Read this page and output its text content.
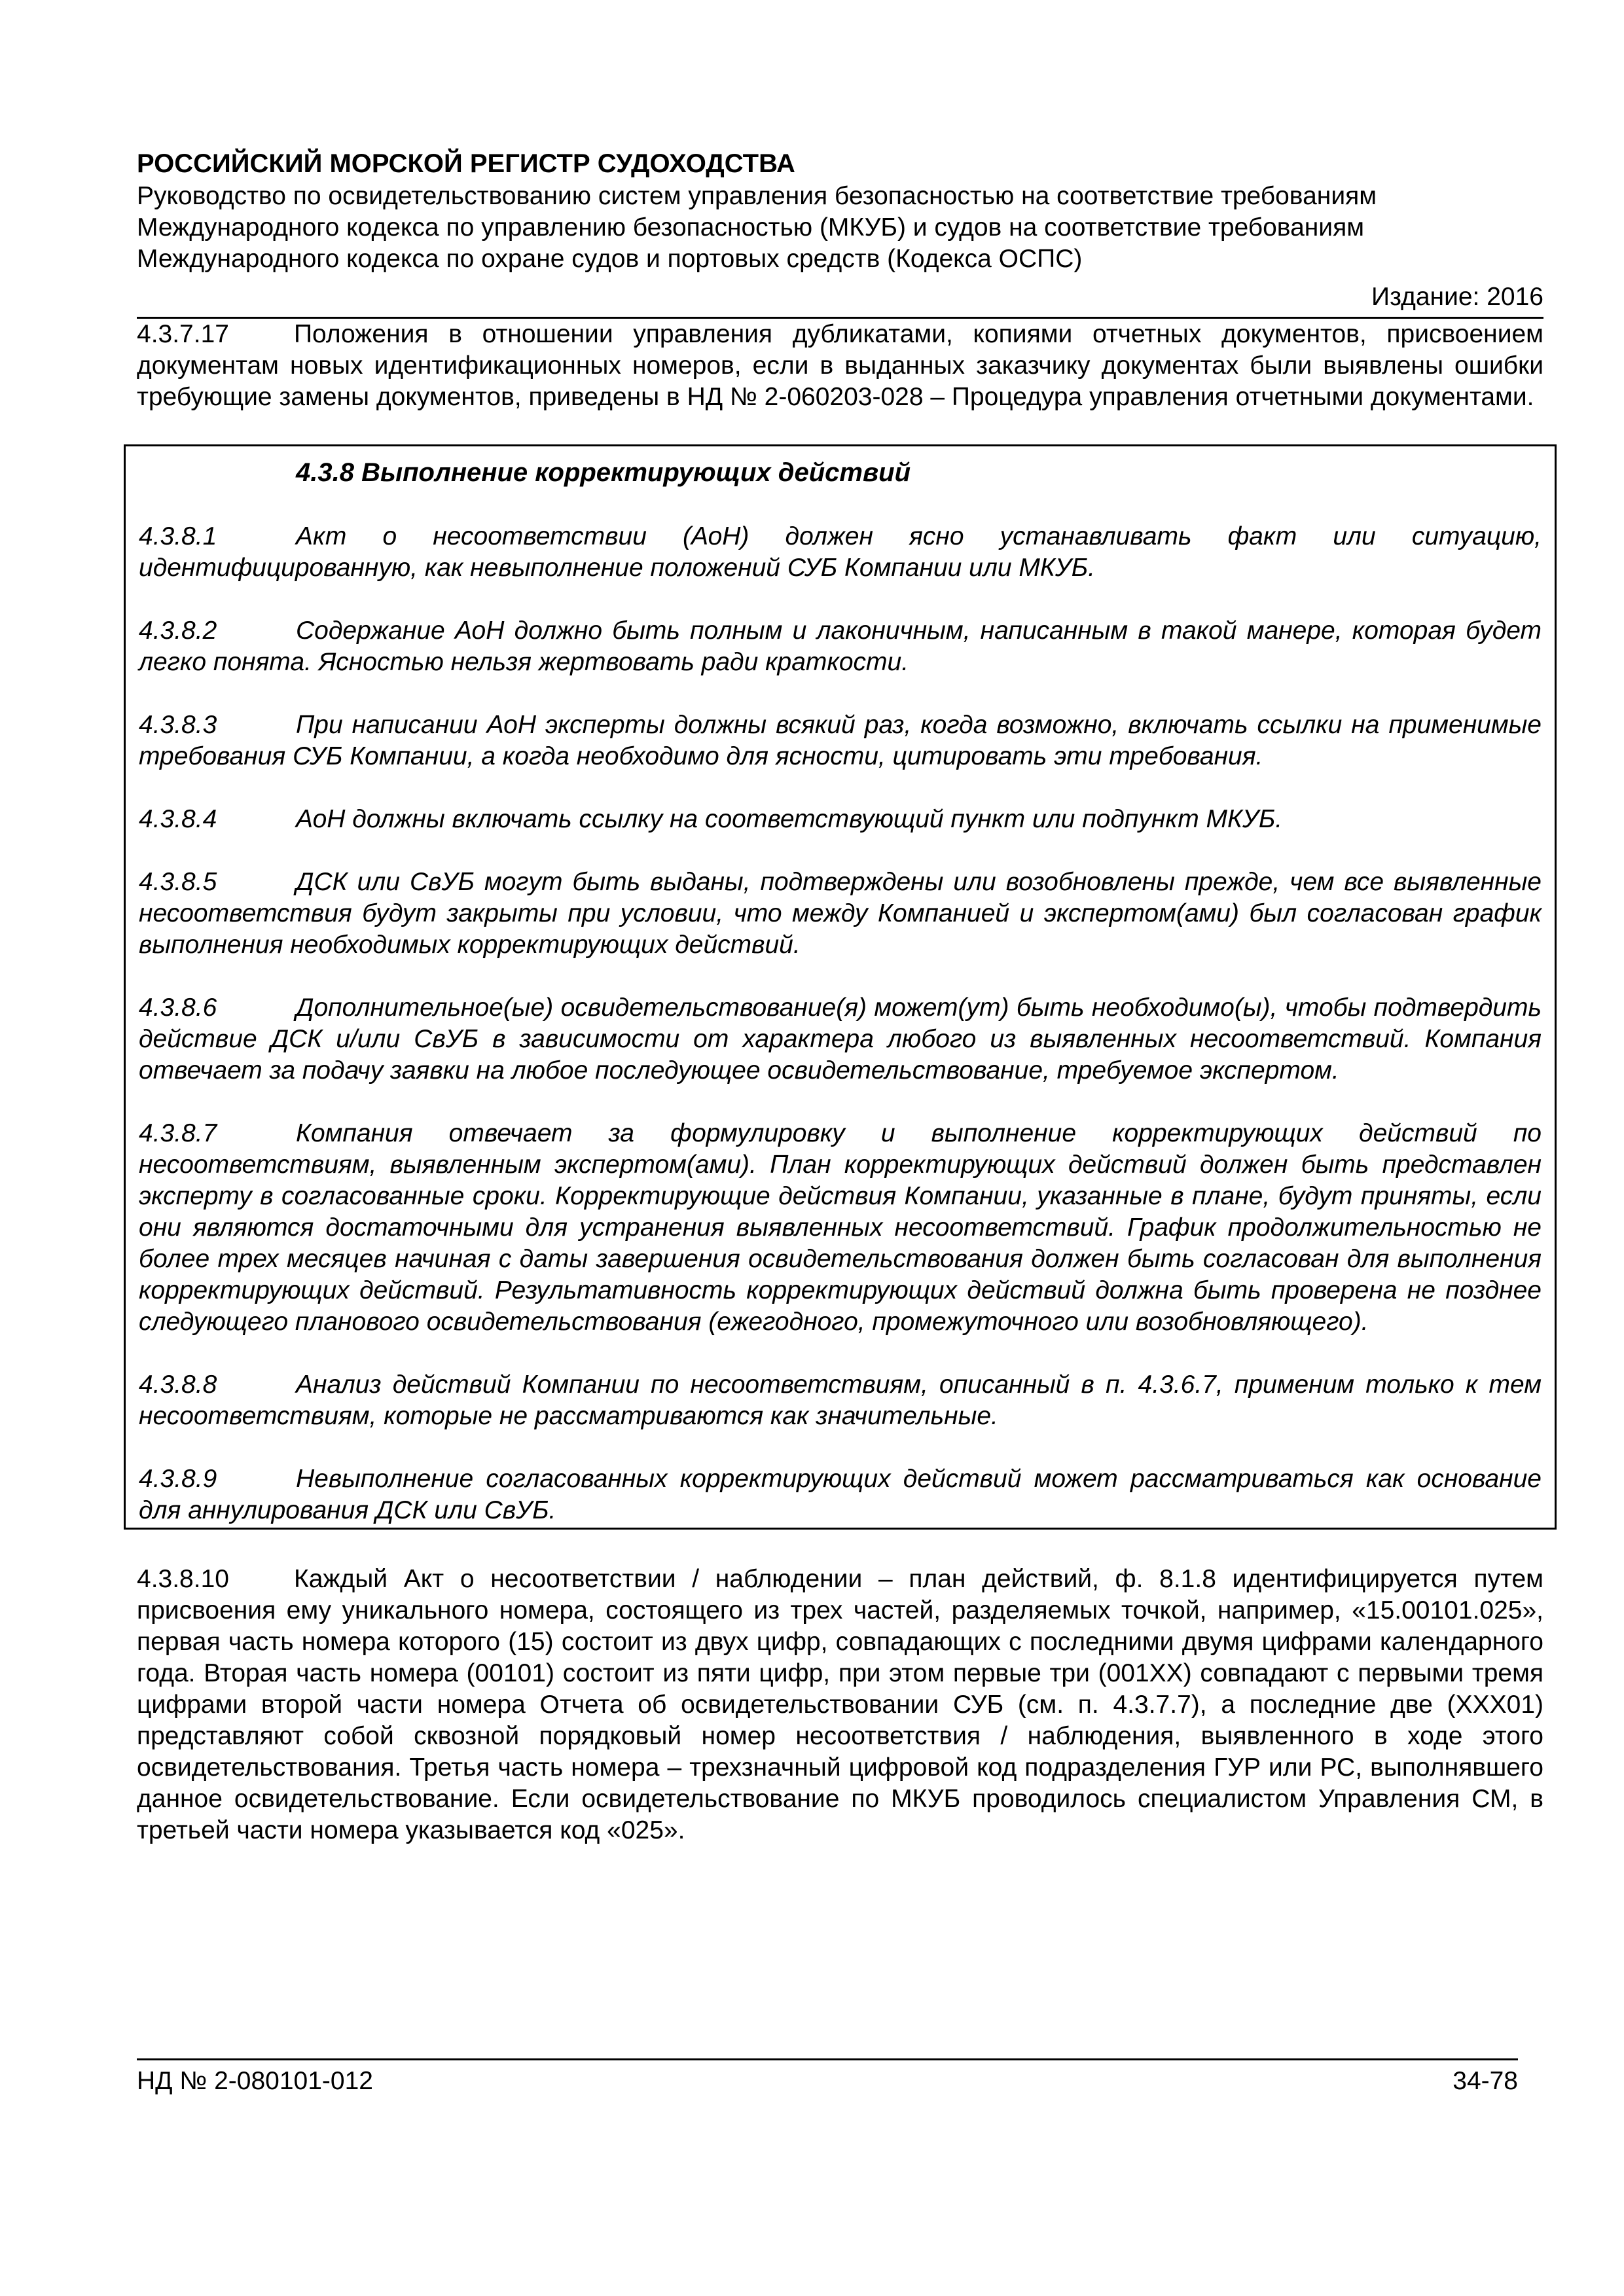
РОССИЙСКИЙ МОРСКОЙ РЕГИСТР СУДОХОДСТВА
Руководство по освидетельствованию систем управления безопасностью на соответствие требованиям
Международного кодекса по управлению безопасностью (МКУБ) и судов на соответствие требованиям
Международного кодекса по охране судов и портовых средств (Кодекса ОСПС)
Издание: 2016

4.3.7.17	Положения в отношении управления дубликатами, копиями отчетных документов, присвоением документам новых идентификационных номеров, если в выданных заказчику документах были выявлены ошибки требующие замены документов, приведены в НД № 2-060203-028 – Процедура управления отчетными документами.

4.3.8 Выполнение корректирующих действий

4.3.8.1	Акт о несоответствии (АоН) должен ясно устанавливать факт или ситуацию, идентифицированную, как невыполнение положений СУБ Компании или МКУБ.

4.3.8.2	Содержание АоН должно быть полным и лаконичным, написанным в такой манере, которая будет легко понята. Ясностью нельзя жертвовать ради краткости.

4.3.8.3	При написании АоН эксперты должны всякий раз, когда возможно, включать ссылки на применимые требования СУБ Компании, а когда необходимо для ясности, цитировать эти требования.

4.3.8.4	АоН должны включать ссылку на соответствующий пункт или подпункт МКУБ.

4.3.8.5	ДСК или СвУБ могут быть выданы, подтверждены или возобновлены прежде, чем все выявленные несоответствия будут закрыты при условии, что между Компанией и экспертом(ами) был согласован график выполнения необходимых корректирующих действий.

4.3.8.6	Дополнительное(ые) освидетельствование(я) может(ут) быть необходимо(ы), чтобы подтвердить действие ДСК и/или СвУБ в зависимости от характера любого из выявленных несоответствий. Компания отвечает за подачу заявки на любое последующее освидетельствование, требуемое экспертом.

4.3.8.7	Компания отвечает за формулировку и выполнение корректирующих действий по несоответствиям, выявленным экспертом(ами). План корректирующих действий должен быть представлен эксперту в согласованные сроки. Корректирующие действия Компании, указанные в плане, будут приняты, если они являются достаточными для устранения выявленных несоответствий. График продолжительностью не более трех месяцев начиная с даты завершения освидетельствования должен быть согласован для выполнения корректирующих действий. Результативность корректирующих действий должна быть проверена не позднее следующего планового освидетельствования (ежегодного, промежуточного или возобновляющего).

4.3.8.8	Анализ действий Компании по несоответствиям, описанный в п. 4.3.6.7, применим только к тем несоответствиям, которые не рассматриваются как значительные.

4.3.8.9	Невыполнение согласованных корректирующих действий может рассматриваться как основание для аннулирования ДСК или СвУБ.

4.3.8.10	Каждый Акт о несоответствии / наблюдении – план действий, ф. 8.1.8 идентифицируется путем присвоения ему уникального номера, состоящего из трех частей, разделяемых точкой, например, «15.00101.025», первая часть номера которого (15) состоит из двух цифр, совпадающих с последними двумя цифрами календарного года. Вторая часть номера (00101) состоит из пяти цифр, при этом первые три (001ХХ) совпадают с первыми тремя цифрами второй части номера Отчета об освидетельствовании СУБ (см. п. 4.3.7.7), а последние две (ХХХ01) представляют собой сквозной порядковый номер несоответствия / наблюдения, выявленного в ходе этого освидетельствования. Третья часть номера – трехзначный цифровой код подразделения ГУР или РС, выполнявшего данное освидетельствование. Если освидетельствование по МКУБ проводилось специалистом Управления СМ, в третьей части номера указывается код «025».

НД № 2-080101-012	34-78
